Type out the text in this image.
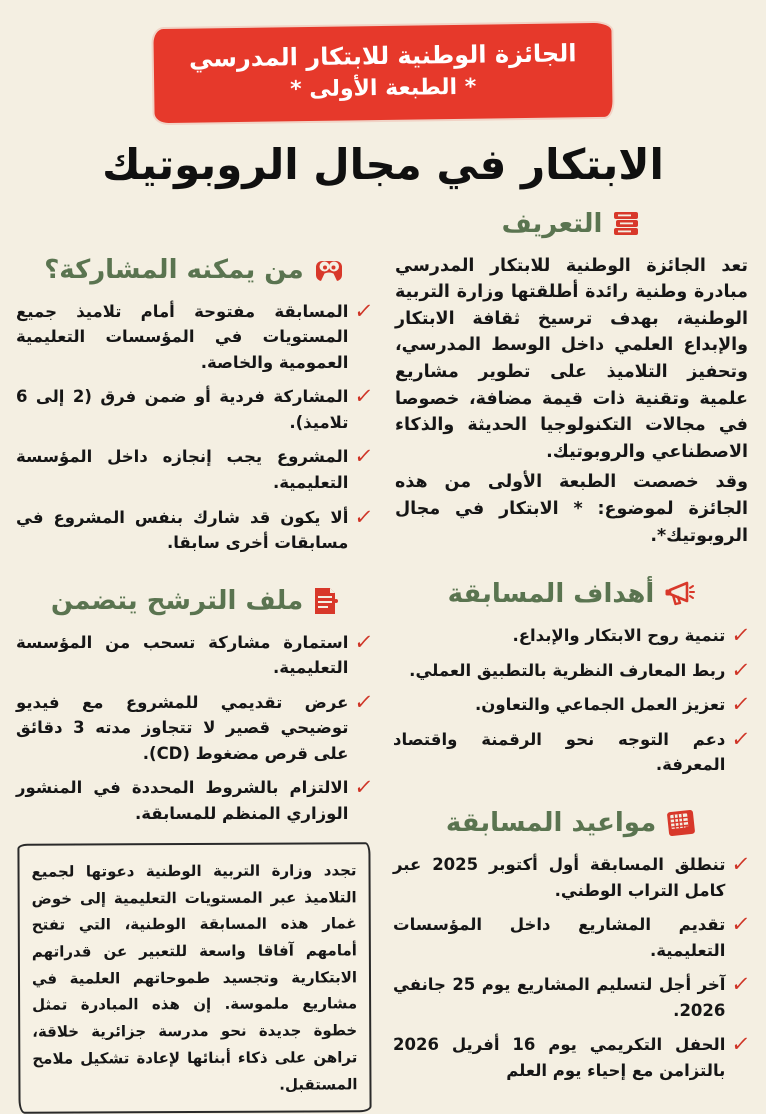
الجائزة الوطنية للابتكار المدرسي
* الطبعة الأولى *
الابتكار في مجال الروبوتيك
التعريف

تعد الجائزة الوطنية للابتكار المدرسي مبادرة وطنية رائدة أطلقتها وزارة التربية الوطنية، بهدف ترسيخ ثقافة الابتكار والإبداع العلمي داخل الوسط المدرسي، وتحفيز التلاميذ على تطوير مشاريع علمية وتقنية ذات قيمة مضافة، خصوصا في مجالات التكنولوجيا الحديثة والذكاء الاصطناعي والروبوتيك.

وقد خصصت الطبعة الأولى من هذه الجائزة لموضوع: * الابتكار في مجال الروبوتيك*.

أهداف المسابقة
✓
تنمية روح الابتكار والإبداع.
✓
ربط المعارف النظرية بالتطبيق العملي.
✓
تعزيز العمل الجماعي والتعاون.
✓
دعم التوجه نحو الرقمنة واقتصاد المعرفة.
مواعيد المسابقة
✓
تنطلق المسابقة أول أكتوبر 2025 عبر كامل التراب الوطني.
✓
تقديم المشاريع داخل المؤسسات التعليمية.
✓
آخر أجل لتسليم المشاريع يوم 25 جانفي 2026.
✓
الحفل التكريمي يوم 16 أفريل 2026 بالتزامن مع إحياء يوم العلم
من يمكنه المشاركة؟
✓
المسابقة مفتوحة أمام تلاميذ جميع المستويات في المؤسسات التعليمية العمومية والخاصة.
✓
المشاركة فردية أو ضمن فرق (2 إلى 6 تلاميذ).
✓
المشروع يجب إنجازه داخل المؤسسة التعليمية.
✓
ألا يكون قد شارك بنفس المشروع في مسابقات أخرى سابقا.
ملف الترشح يتضمن
✓
استمارة مشاركة تسحب من المؤسسة التعليمية.
✓
عرض تقديمي للمشروع مع فيديو توضيحي قصير لا تتجاوز مدته 3 دقائق على قرص مضغوط (CD).
✓
الالتزام بالشروط المحددة في المنشور الوزاري المنظم للمسابقة.

تجدد وزارة التربية الوطنية دعوتها لجميع التلاميذ عبر المستويات التعليمية إلى خوض غمار هذه المسابقة الوطنية، التي تفتح أمامهم آفاقا واسعة للتعبير عن قدراتهم الابتكارية وتجسيد طموحاتهم العلمية في مشاريع ملموسة. إن هذه المبادرة تمثل خطوة جديدة نحو مدرسة جزائرية خلاقة، تراهن على ذكاء أبنائها لإعادة تشكيل ملامح المستقبل.
